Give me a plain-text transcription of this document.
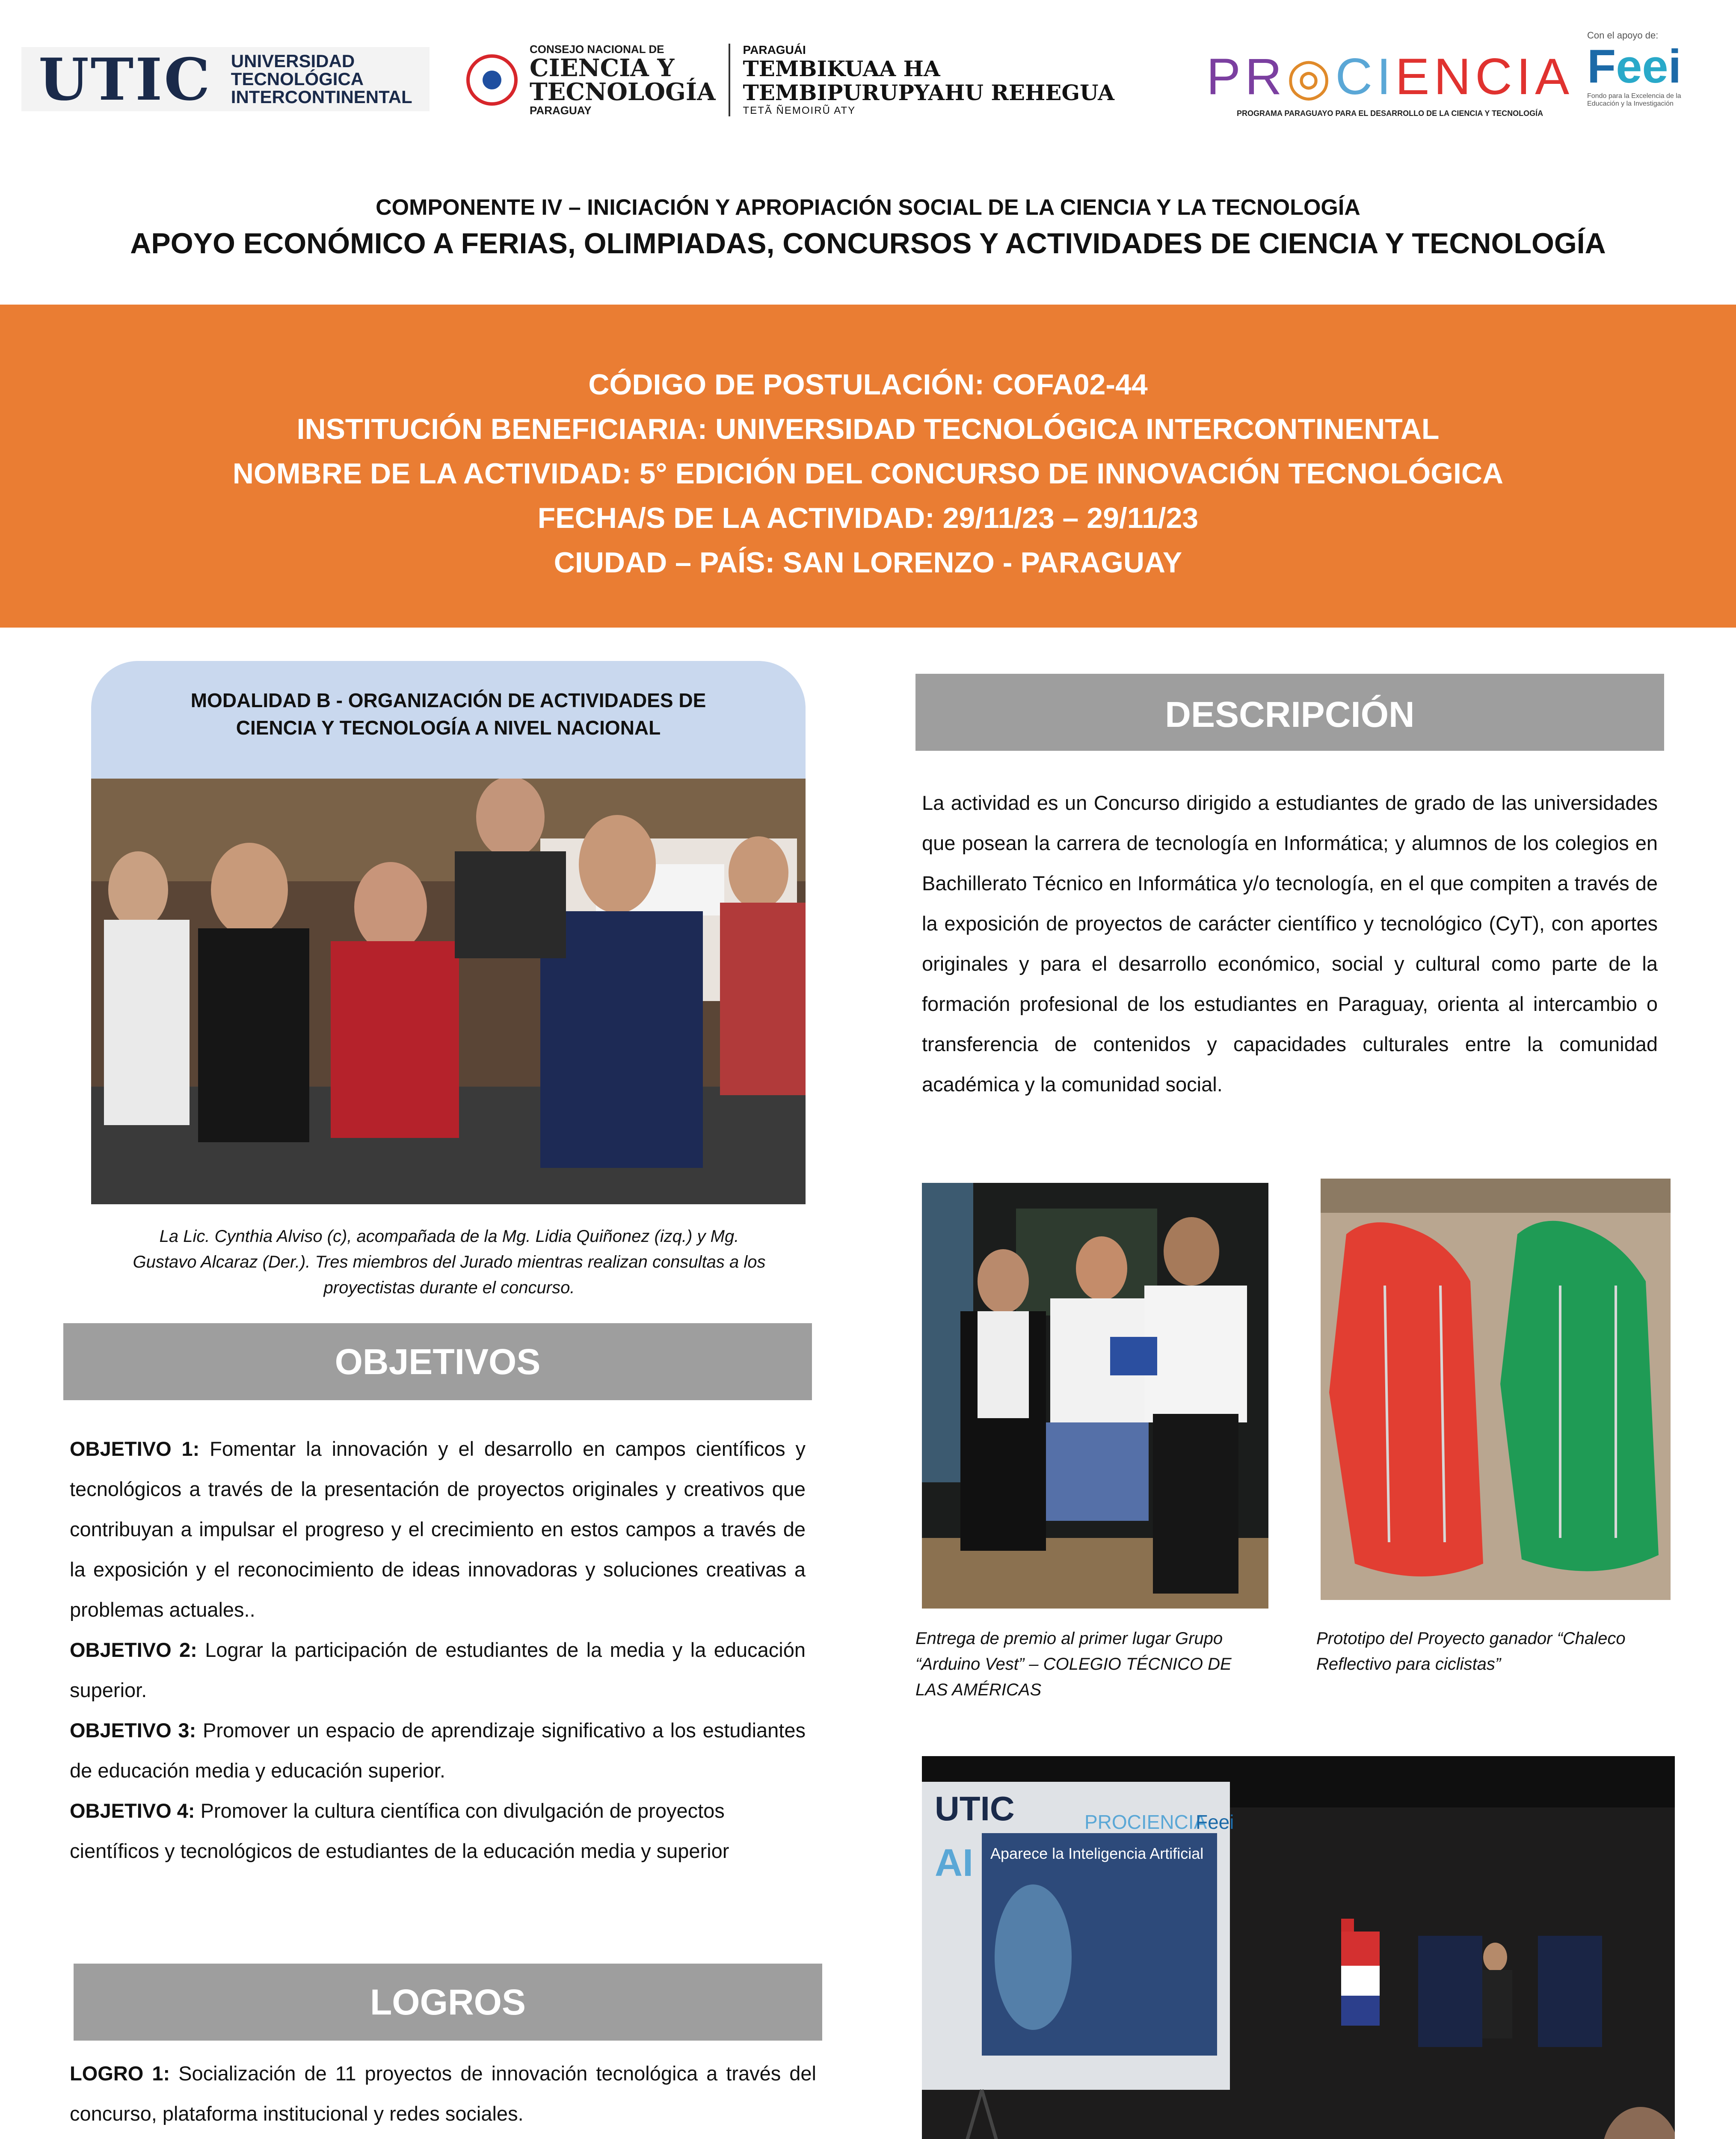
UTIC UNIVERSIDAD
TECNOLÓGICA
INTERCONTINENTAL
CONSEJO NACIONAL DE
CIENCIA Y
TECNOLOGÍA
PARAGUAY
PARAGUÁI
TEMBIKUAA HA
TEMBIPURUPYAHU REHEGUA
TETÃ ÑEMOIRŨ ATY
PR◎CIENCIA
PROGRAMA PARAGUAYO PARA EL DESARROLLO DE LA CIENCIA Y TECNOLOGÍA
Con el apoyo de:
Feei
Fondo para la Excelencia de la Educación y la Investigación
COMPONENTE IV – INICIACIÓN Y APROPIACIÓN SOCIAL DE LA CIENCIA Y LA TECNOLOGÍA
APOYO ECONÓMICO A FERIAS, OLIMPIADAS, CONCURSOS Y ACTIVIDADES DE CIENCIA Y TECNOLOGÍA
CÓDIGO DE POSTULACIÓN: COFA02-44
INSTITUCIÓN BENEFICIARIA: UNIVERSIDAD TECNOLÓGICA INTERCONTINENTAL
NOMBRE DE LA ACTIVIDAD: 5° EDICIÓN DEL CONCURSO DE INNOVACIÓN TECNOLÓGICA
FECHA/S DE LA ACTIVIDAD: 29/11/23 – 29/11/23
CIUDAD – PAÍS: SAN LORENZO - PARAGUAY
MODALIDAD B - ORGANIZACIÓN DE ACTIVIDADES DE
CIENCIA Y TECNOLOGÍA A NIVEL NACIONAL
La Lic. Cynthia Alviso (c), acompañada de la Mg. Lidia Quiñonez (izq.) y Mg.
Gustavo Alcaraz (Der.). Tres miembros del Jurado mientras realizan consultas a los
proyectistas durante el concurso.
OBJETIVOS
OBJETIVO 1: Fomentar la innovación y el desarrollo en campos científicos y tecnológicos a través de la presentación de proyectos originales y creativos que contribuyan a impulsar el progreso y el crecimiento en estos campos a través de la exposición y el reconocimiento de ideas innovadoras y soluciones creativas a problemas actuales..
OBJETIVO 2: Lograr la participación de estudiantes de la media y la educación superior.
OBJETIVO 3: Promover un espacio de aprendizaje significativo a los estudiantes de educación media y educación superior.
OBJETIVO 4: Promover la cultura científica con divulgación de proyectos científicos y tecnológicos de estudiantes de la educación media y superior
LOGROS
LOGRO 1: Socialización de 11 proyectos de innovación tecnológica a través del concurso, plataforma institucional y redes sociales.
DESCRIPCIÓN
La actividad es un Concurso dirigido a estudiantes de grado de las universidades que posean la carrera de tecnología en Informática; y alumnos de los colegios en Bachillerato Técnico en Informática y/o tecnología, en el que compiten a través de la exposición de proyectos de carácter científico y tecnológico (CyT), con aportes originales y para el desarrollo económico, social y cultural como parte de la formación profesional de los estudiantes en Paraguay, orienta al intercambio o transferencia de contenidos y capacidades culturales entre la comunidad académica y la comunidad social.
Entrega de premio al primer lugar Grupo
“Arduino Vest” – COLEGIO TÉCNICO DE
LAS AMÉRICAS
Prototipo del Proyecto ganador “Chaleco
Reflectivo para ciclistas”
UTIC
AI Aparece la Inteligencia Artificial
PROCIENCIA
Feei
